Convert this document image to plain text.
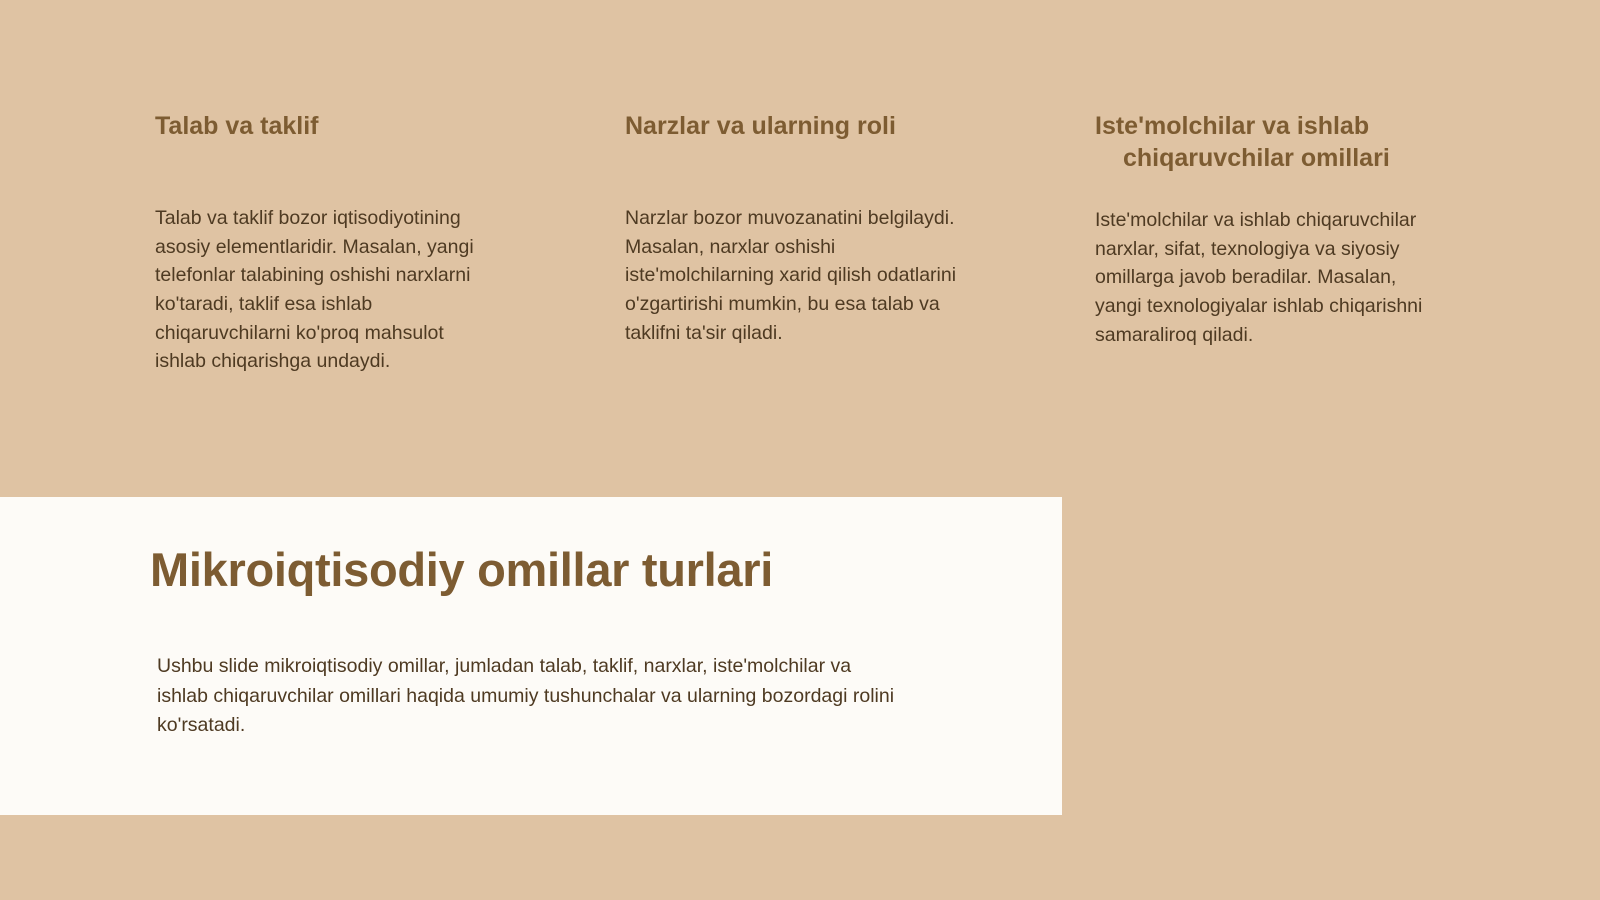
Talab va taklif

Talab va taklif bozor iqtisodiyotining asosiy elementlaridir. Masalan, yangi telefonlar talabining oshishi narxlarni ko'taradi, taklif esa ishlab chiqaruvchilarni ko'proq mahsulot ishlab chiqarishga undaydi.

Narzlar va ularning roli

Narzlar bozor muvozanatini belgilaydi. Masalan, narxlar oshishi iste'molchilarning xarid qilish odatlarini o'zgartirishi mumkin, bu esa talab va taklifni ta'sir qiladi.

Iste'molchilar va ishlab
chiqaruvchilar omillari

Iste'molchilar va ishlab chiqaruvchilar narxlar, sifat, texnologiya va siyosiy omillarga javob beradilar. Masalan, yangi texnologiyalar ishlab chiqarishni samaraliroq qiladi.

Mikroiqtisodiy omillar turlari

Ushbu slide mikroiqtisodiy omillar, jumladan talab, taklif, narxlar, iste'molchilar va ishlab chiqaruvchilar omillari haqida umumiy tushunchalar va ularning bozordagi rolini ko'rsatadi.
